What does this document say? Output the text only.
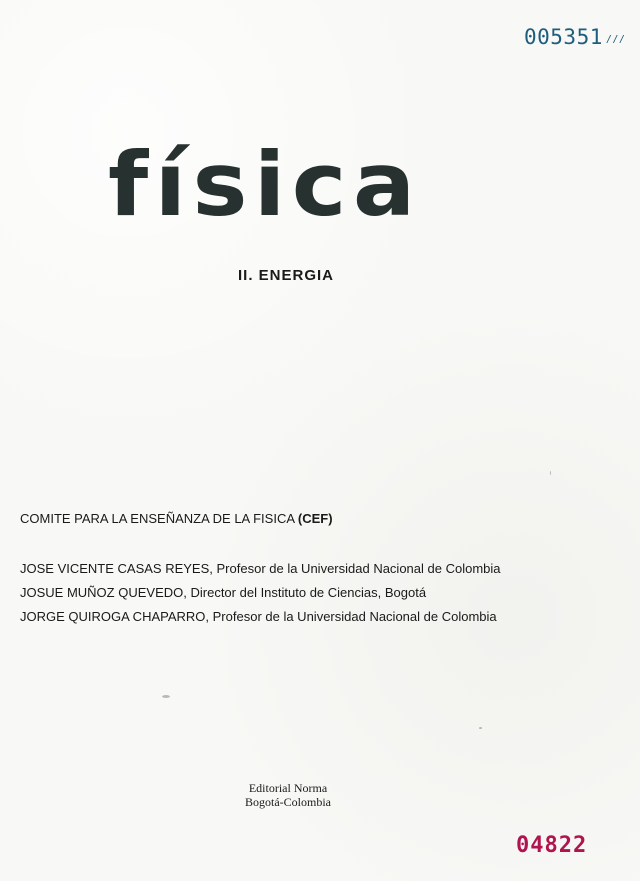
005351 ///
física
II. ENERGIA
COMITE PARA LA ENSEÑANZA DE LA FISICA (CEF)
JOSE VICENTE CASAS REYES, Profesor de la Universidad Nacional de Colombia
JOSUE MUÑOZ QUEVEDO, Director del Instituto de Ciencias, Bogotá
JORGE QUIROGA CHAPARRO, Profesor de la Universidad Nacional de Colombia
Editorial Norma
Bogotá-Colombia
04822
